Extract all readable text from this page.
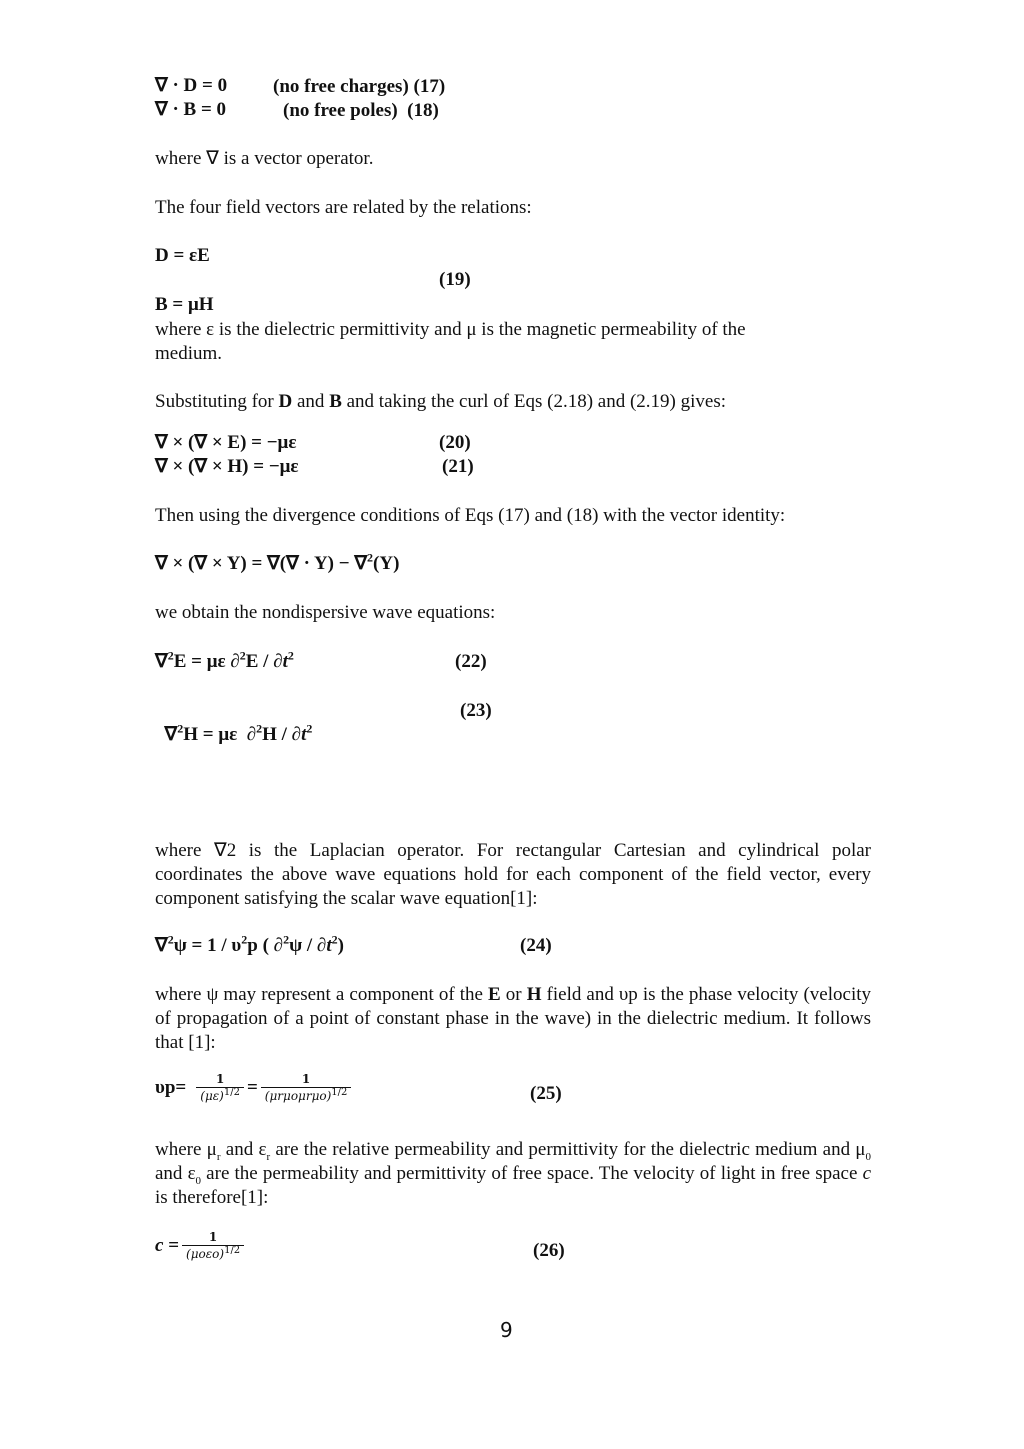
∇ · D = 0 (no free charges) (17)
∇ · B = 0	(no free poles)  (18)
where ∇ is a vector operator.
The four field vectors are related by the relations:
D = εE
(19)
B = μH
where ε is the dielectric permittivity and μ is the magnetic permeability of the
medium.
Substituting for D and B and taking the curl of Eqs (2.18) and (2.19) gives:
∇ × (∇ × E) = −με	(20)
∇ × (∇ × H) = −με	(21)
Then using the divergence conditions of Eqs (17) and (18) with the vector identity:
∇ × (∇ × Y) = ∇(∇ · Y) − ∇$^2$(Y)
we obtain the nondispersive wave equations:
∇$^2$E = με $\partial^2E / \partial t^2$	(22)

∇$^2$H = με  $\partial^2H / \partial t^2$

(23)
where ∇2 is the Laplacian operator. For rectangular Cartesian and cylindrical polar coordinates the above wave equations hold for each component of the field vector, every component satisfying the scalar wave equation[1]:
$\nabla^2\psi = 1 / \upsilon^2p$ ( $\partial^2\psi / \partial t^2$)	(24)
where ψ may represent a component of the E or H field and υp is the phase velocity (velocity of propagation of a point of constant phase in the wave) in the dielectric medium. It follows that [1]:
$\upsilon p= \frac{1}{(\mu\varepsilon)^{1/2}} = \frac{1}{(\mu r\mu o\mu r\mu o)^{1/2}}$	(25)
where $\mu_r$ and $\varepsilon_r$ are the relative permeability and permittivity for the dielectric medium and $\mu_0$ and $\varepsilon_0$ are the permeability and permittivity of free space. The velocity of light in free space c is therefore[1]:
$c = \frac{1}{(\mu o\varepsilon o)^{1/2}}$	(26)
9
